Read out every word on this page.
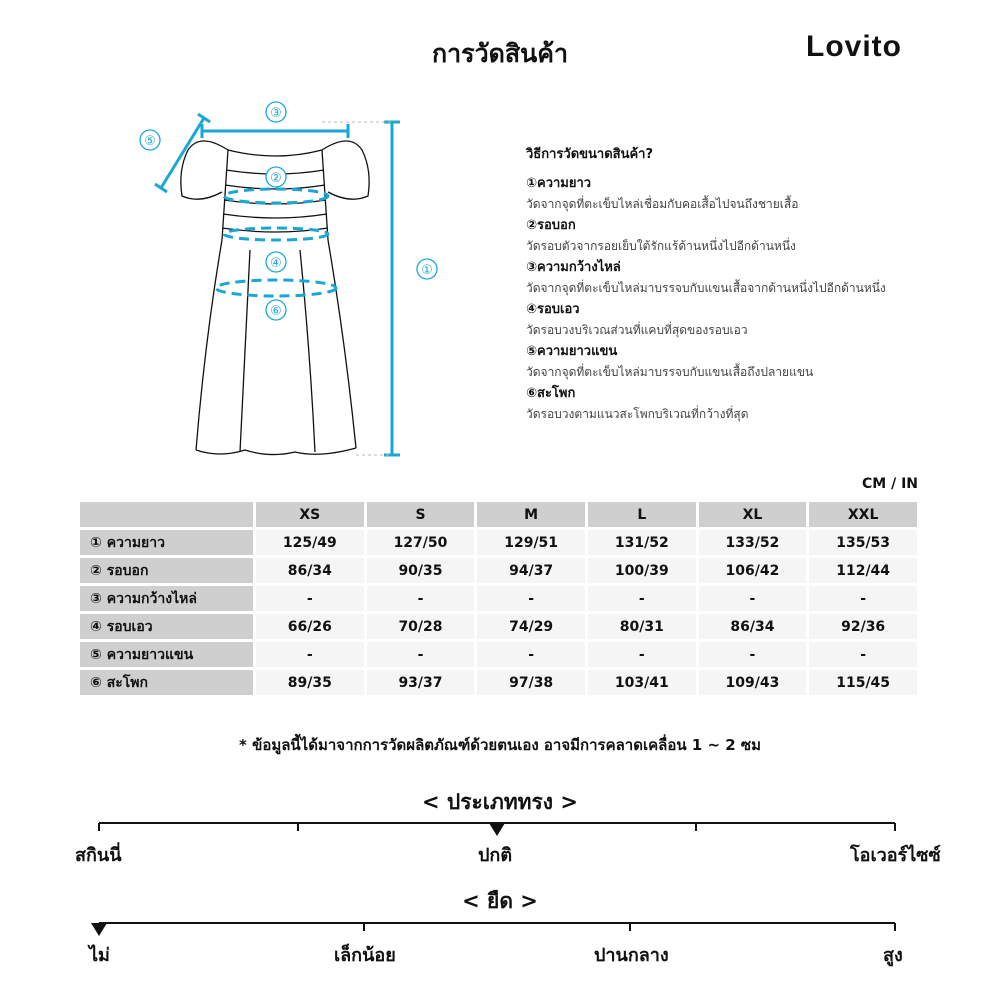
การวัดสินค้า	Lovito
③
⑤
②
④
⑥
①
วิธีการวัดขนาดสินค้า?
①ความยาว
วัดจากจุดที่ตะเข็บไหล่เชื่อมกับคอเสื้อไปจนถึงชายเสื้อ
②รอบอก
วัดรอบตัวจากรอยเย็บใต้รักแร้ด้านหนึ่งไปอีกด้านหนึ่ง
③ความกว้างไหล่
วัดจากจุดที่ตะเข็บไหล่มาบรรจบกับแขนเสื้อจากด้านหนึ่งไปอีกด้านหนึ่ง
④รอบเอว
วัดรอบวงบริเวณส่วนที่แคบที่สุดของรอบเอว
⑤ความยาวแขน
วัดจากจุดที่ตะเข็บไหล่มาบรรจบกับแขนเสื้อถึงปลายแขน
⑥สะโพก
วัดรอบวงตามแนวสะโพกบริเวณที่กว้างที่สุด
CM / IN
	XS	S	M	L	XL	XXL
① ความยาว	125/49	127/50	129/51	131/52	133/52	135/53
② รอบอก	86/34	90/35	94/37	100/39	106/42	112/44
③ ความกว้างไหล่	-	-	-	-	-	-
④ รอบเอว	66/26	70/28	74/29	80/31	86/34	92/36
⑤ ความยาวแขน	-	-	-	-	-	-
⑥ สะโพก	89/35	93/37	97/38	103/41	109/43	115/45
* ข้อมูลนี้ได้มาจากการวัดผลิตภัณฑ์ด้วยตนเอง อาจมีการคลาดเคลื่อน 1 ~ 2 ซม
< ประเภททรง >
สกินนี่	ปกติ	โอเวอร์ไซซ์
< ยืด >
ไม่	เล็กน้อย	ปานกลาง	สูง
